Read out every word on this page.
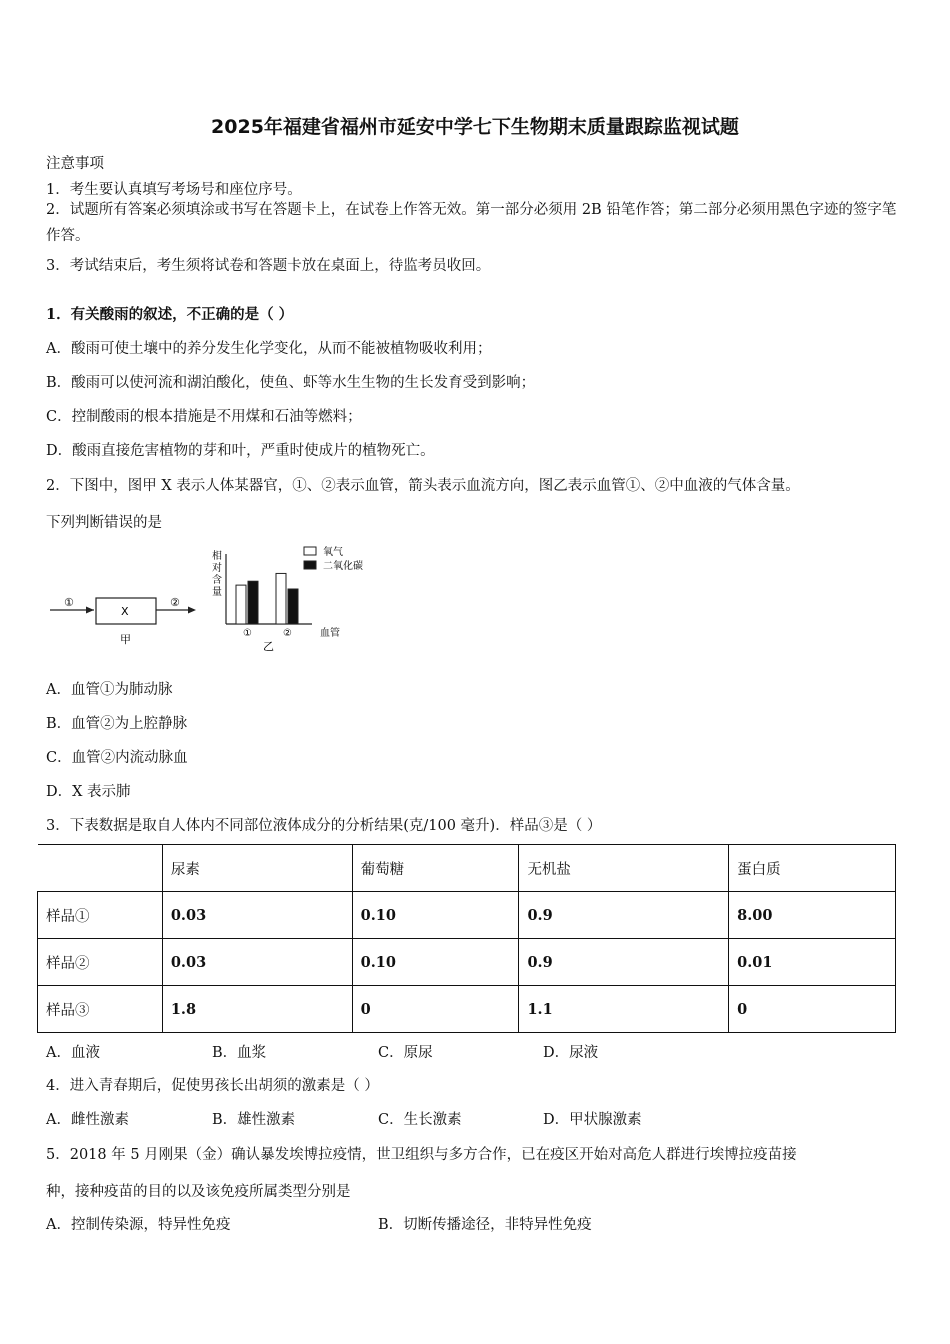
2025年福建省福州市延安中学七下生物期末质量跟踪监视试题
注意事项
1．考生要认真填写考场号和座位序号。
2．试题所有答案必须填涂或书写在答题卡上，在试卷上作答无效。第一部分必须用 2B 铅笔作答；第二部分必须用黑色字迹的签字笔作答。
3．考试结束后，考生须将试卷和答题卡放在桌面上，待监考员收回。
1．有关酸雨的叙述，不正确的是（ ）
A．酸雨可使土壤中的养分发生化学变化，从而不能被植物吸收利用；
B．酸雨可以使河流和湖泊酸化，使鱼、虾等水生生物的生长发育受到影响；
C．控制酸雨的根本措施是不用煤和石油等燃料；
D．酸雨直接危害植物的芽和叶，严重时使成片的植物死亡。
2．下图中，图甲 X 表示人体某器官，①、②表示血管，箭头表示血流方向，图乙表示血管①、②中血液的气体含量。
下列判断错误的是
①
X
②
甲
相
对
含
量
①	②	血管
乙
氧气
二氧化碳
A．血管①为肺动脉
B．血管②为上腔静脉
C．血管②内流动脉血
D．X 表示肺
3．下表数据是取自人体内不同部位液体成分的分析结果(克/100 毫升)．样品③是（ ）
	尿素	葡萄糖	无机盐	蛋白质
样品①	0.03	0.10	0.9	8.00
样品②	0.03	0.10	0.9	0.01
样品③	1.8	0	1.1	0
A．血液	B．血浆	C．原尿	D．尿液
4．进入青春期后，促使男孩长出胡须的激素是（ ）
A．雌性激素	B．雄性激素	C．生长激素	D．甲状腺激素
5．2018 年 5 月刚果（金）确认暴发埃博拉疫情，世卫组织与多方合作，已在疫区开始对高危人群进行埃博拉疫苗接
种，接种疫苗的目的以及该免疫所属类型分别是
A．控制传染源，特异性免疫	B．切断传播途径，非特异性免疫
